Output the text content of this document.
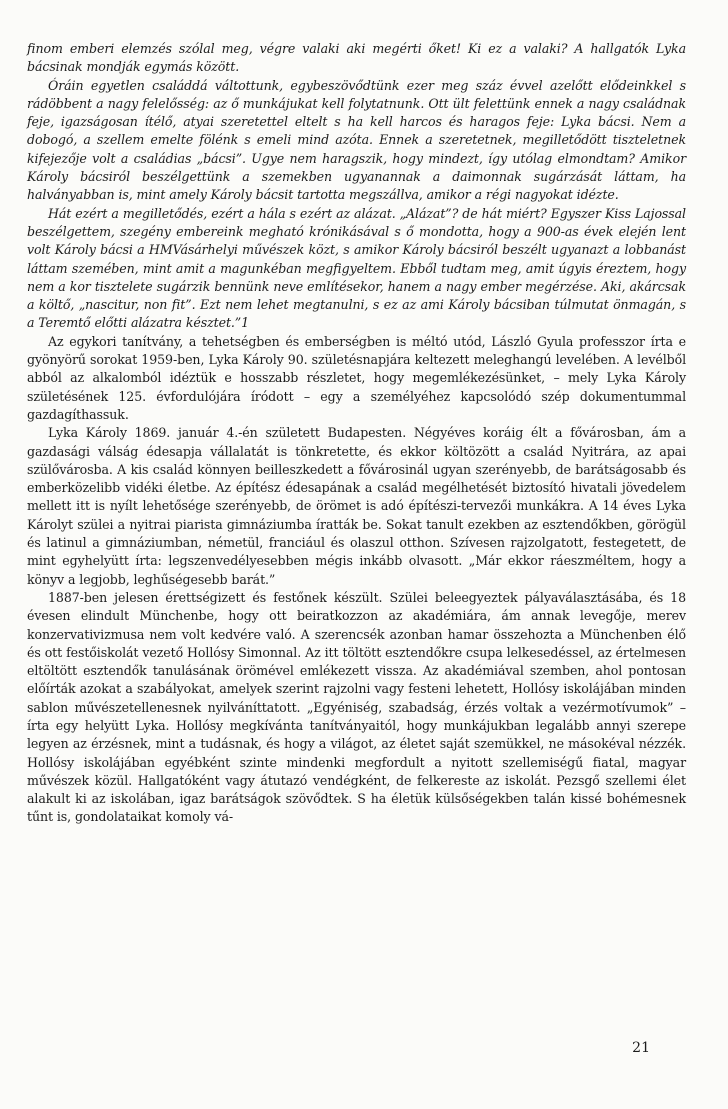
finom emberi elemzés szólal meg, végre valaki aki megérti őket! Ki ez a valaki? A hallgatók Lyka bácsinak mondják egymás között.

Óráin egyetlen családdá váltottunk, egybeszövődtünk ezer meg száz évvel azelőtt elődeinkkel s rádöbbent a nagy felelősség: az ő munkájukat kell folytatnunk. Ott ült felettünk ennek a nagy családnak feje, igazságosan ítélő, atyai szeretettel eltelt s ha kell harcos és haragos feje: Lyka bácsi. Nem a dobogó, a szellem emelte fölénk s emeli mind azóta. Ennek a szeretetnek, megilletődött tiszteletnek kifejezője volt a családias „bácsi”. Ugye nem haragszik, hogy mindezt, így utólag elmondtam? Amikor Károly bácsiról beszélgettünk a szemekben ugyanannak a daimonnak sugárzását láttam, ha halványabban is, mint amely Károly bácsit tartotta megszállva, amikor a régi nagyokat idézte.

Hát ezért a megilletődés, ezért a hála s ezért az alázat. „Alázat”? de hát miért? Egyszer Kiss Lajossal beszélgettem, szegény embereink megható krónikásával s ő mondotta, hogy a 900-as évek elején lent volt Károly bácsi a HMVásárhelyi művészek közt, s amikor Károly bácsiról beszélt ugyanazt a lobbanást láttam szemében, mint amit a magunkéban megfigyeltem. Ebből tudtam meg, amit úgyis éreztem, hogy nem a kor tisztelete sugárzik bennünk neve említésekor, hanem a nagy ember megérzése. Aki, akárcsak a költő, „nascitur, non fit”. Ezt nem lehet megtanulni, s ez az ami Károly bácsiban túlmutat önmagán, s a Teremtő előtti alázatra késztet.”1

Az egykori tanítvány, a tehetségben és emberségben is méltó utód, László Gyula professzor írta e gyönyörű sorokat 1959-ben, Lyka Károly 90. születésnapjára keltezett meleghangú levelében. A levélből abból az alkalomból idéztük e hosszabb részletet, hogy megemlékezésünket, – mely Lyka Károly születésének 125. évfordulójára íródott – egy a személyéhez kapcsolódó szép dokumentummal gazdagíthassuk.

Lyka Károly 1869. január 4.-én született Budapesten. Négyéves koráig élt a fővárosban, ám a gazdasági válság édesapja vállalatát is tönkretette, és ekkor költözött a család Nyitrára, az apai szülővárosba. A kis család könnyen beilleszkedett a fővárosinál ugyan szerényebb, de barátságosabb és emberközelibb vidéki életbe. Az építész édesapának a család megélhetését biztosító hivatali jövedelem mellett itt is nyílt lehetősége szerényebb, de örömet is adó építészi-tervezői munkákra. A 14 éves Lyka Károlyt szülei a nyitrai piarista gimnáziumba íratták be. Sokat tanult ezekben az esztendőkben, görögül és latinul a gimnáziumban, németül, franciául és olaszul otthon. Szívesen rajzolgatott, festegetett, de mint egyhelyütt írta: legszenvedélyesebben mégis inkább olvasott. „Már ekkor ráeszméltem, hogy a könyv a legjobb, leghűségesebb barát.”

1887-ben jelesen érettségizett és festőnek készült. Szülei beleegyeztek pályaválasztásába, és 18 évesen elindult Münchenbe, hogy ott beiratkozzon az akadémiára, ám annak levegője, merev konzervativizmusa nem volt kedvére való. A szerencsék azonban hamar összehozta a Münchenben élő és ott festőiskolát vezető Hollósy Simonnal. Az itt töltött esztendőkre csupa lelkesedéssel, az értelmesen eltöltött esztendők tanulásának örömével emlékezett vissza. Az akadémiával szemben, ahol pontosan előírták azokat a szabályokat, amelyek szerint rajzolni vagy festeni lehetett, Hollósy iskolájában minden sablon művészetellenesnek nyilváníttatott. „Egyéniség, szabadság, érzés voltak a vezérmotívumok” – írta egy helyütt Lyka. Hollósy megkívánta tanítványaitól, hogy munkájukban legalább annyi szerepe legyen az érzésnek, mint a tudásnak, és hogy a világot, az életet saját szemükkel, ne másokéval nézzék. Hollósy iskolájában egyébként szinte mindenki megfordult a nyitott szellemiségű fiatal, magyar művészek közül. Hallgatóként vagy átutazó vendégként, de felkereste az iskolát. Pezsgő szellemi élet alakult ki az iskolában, igaz barátságok szövődtek. S ha életük külsőségekben talán kissé bohémesnek tűnt is, gondolataikat komoly vá-

21
